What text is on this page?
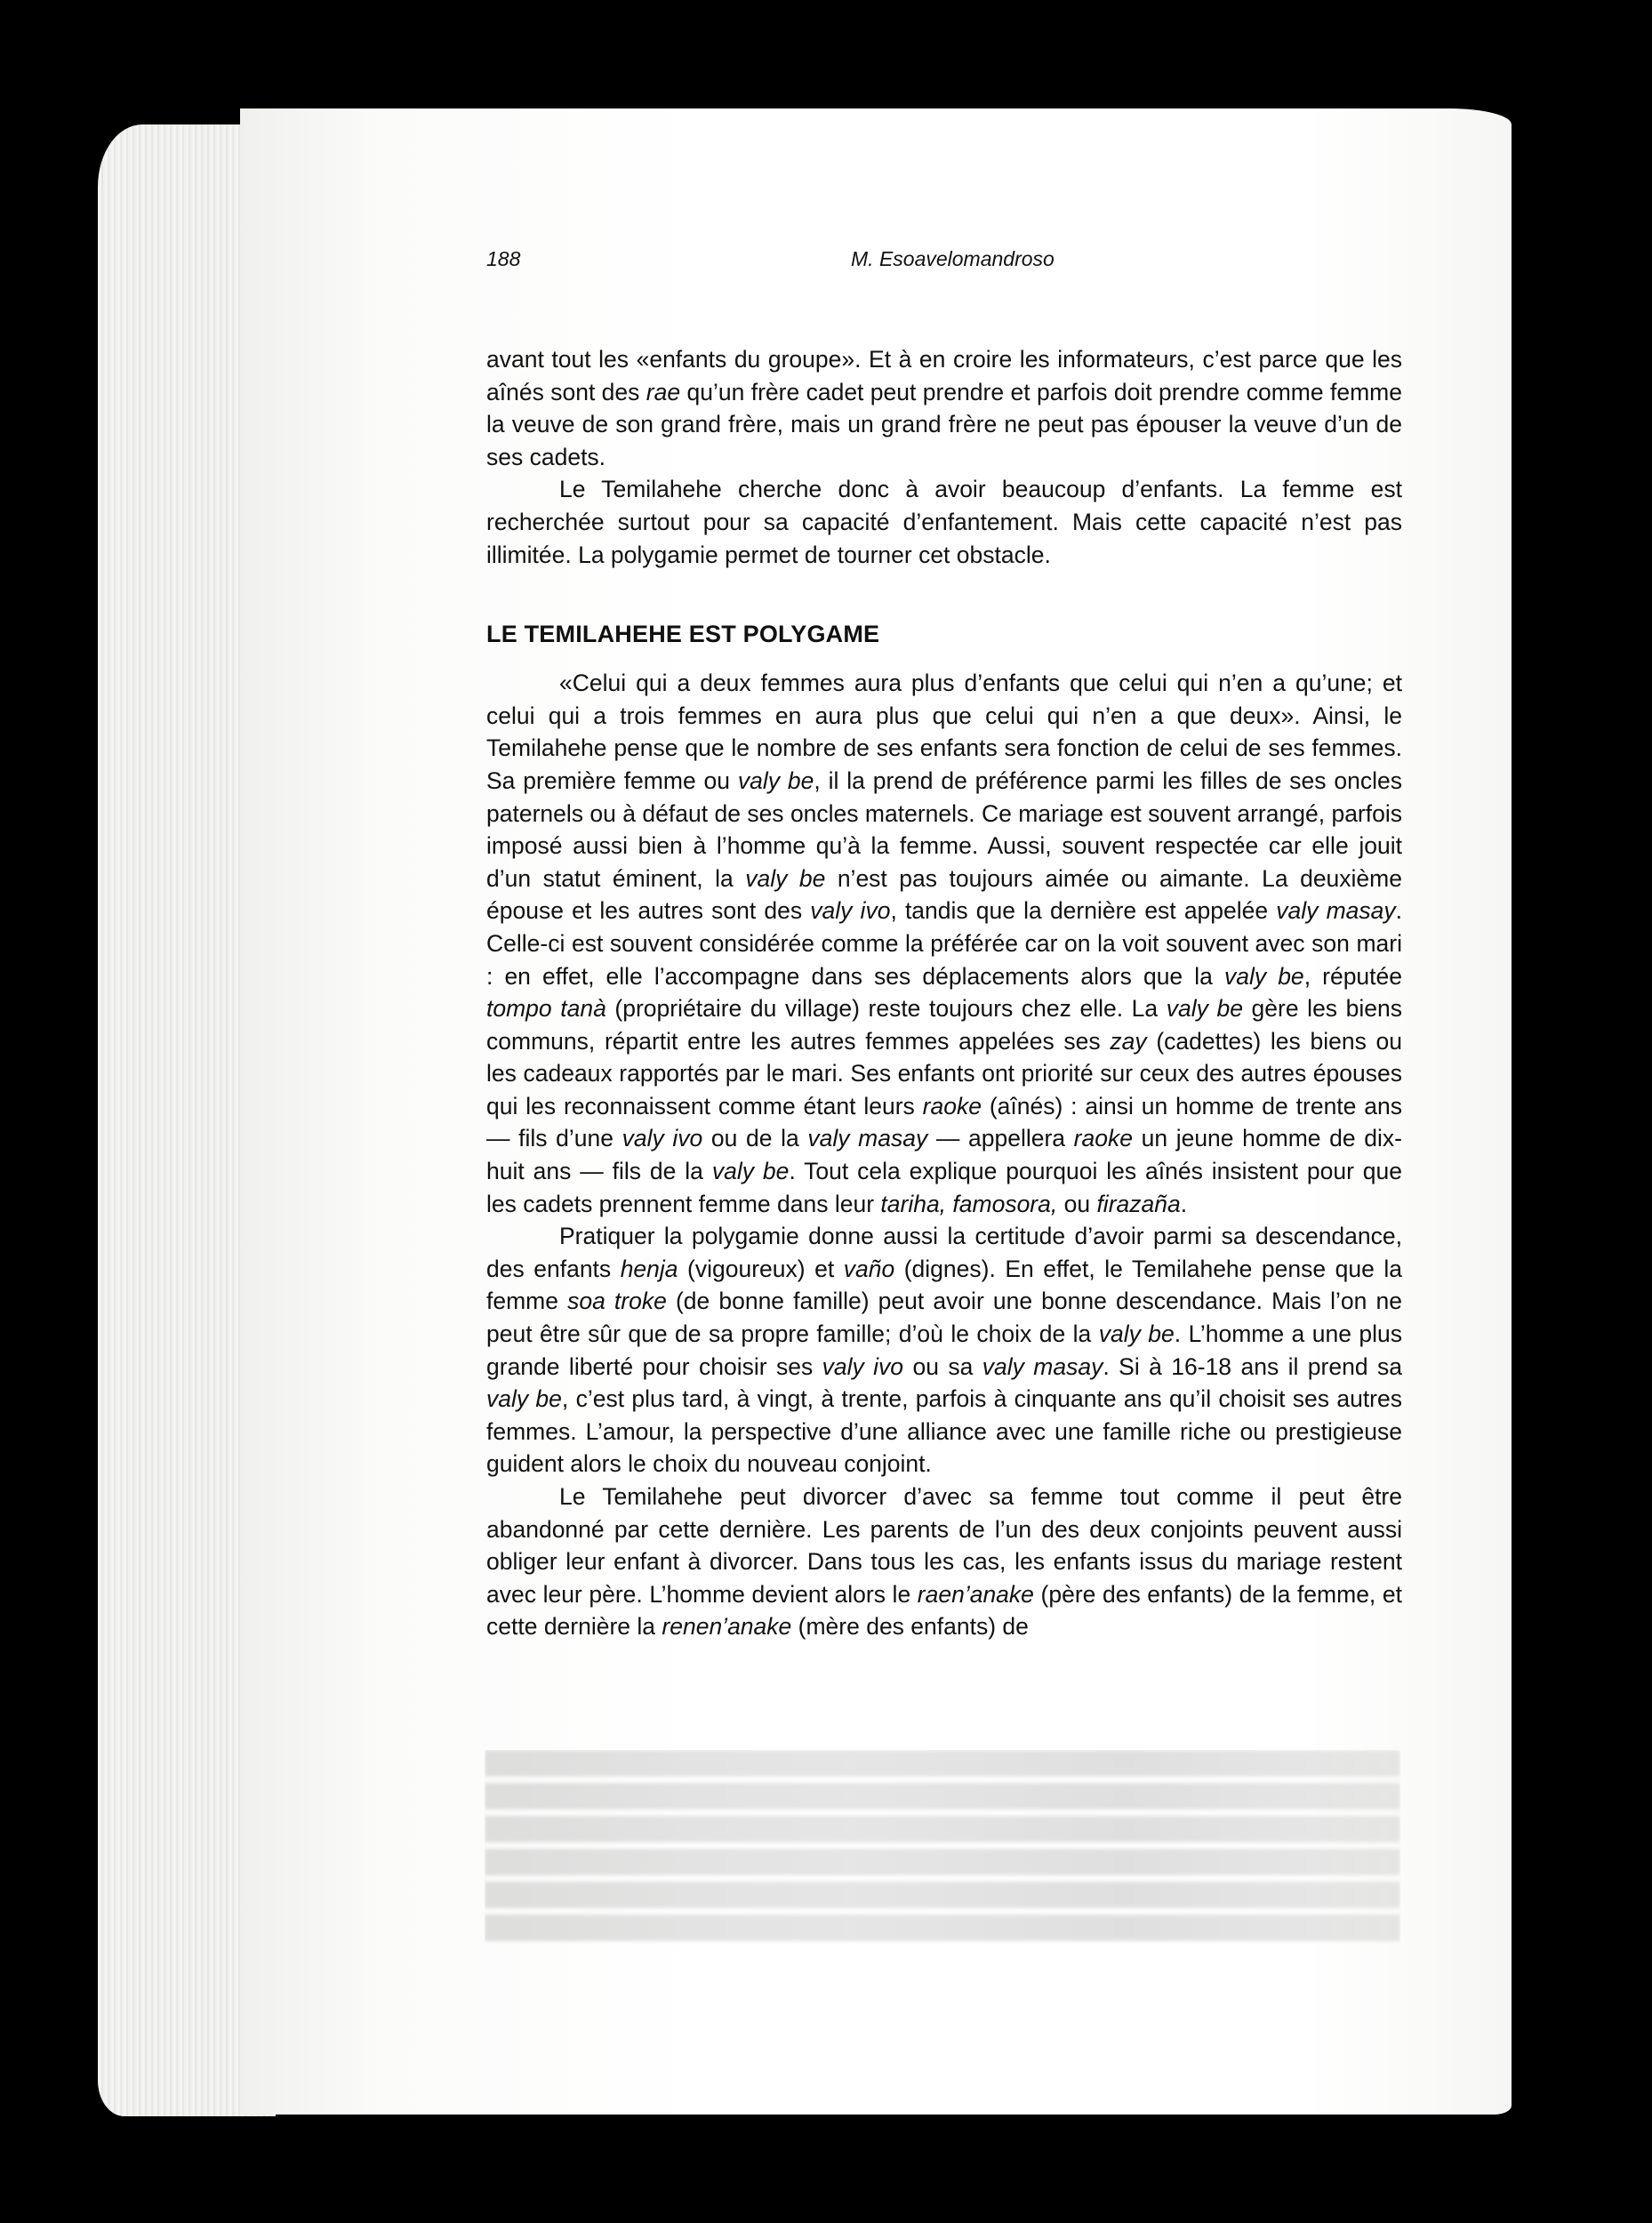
188	M. Esoavelomandroso

avant tout les «enfants du groupe». Et à en croire les informateurs, c’est parce que les aînés sont des rae qu’un frère cadet peut prendre et parfois doit prendre comme femme la veuve de son grand frère, mais un grand frère ne peut pas épouser la veuve d’un de ses cadets.

Le Temilahehe cherche donc à avoir beaucoup d’enfants. La femme est recherchée surtout pour sa capacité d’enfantement. Mais cette capacité n’est pas illimitée. La polygamie permet de tourner cet obstacle.

LE TEMILAHEHE EST POLYGAME

«Celui qui a deux femmes aura plus d’enfants que celui qui n’en a qu’une; et celui qui a trois femmes en aura plus que celui qui n’en a que deux». Ainsi, le Temilahehe pense que le nombre de ses enfants sera fonction de celui de ses femmes. Sa première femme ou valy be, il la prend de préférence parmi les filles de ses oncles paternels ou à défaut de ses oncles maternels. Ce mariage est souvent arrangé, parfois imposé aussi bien à l’homme qu’à la femme. Aussi, souvent respectée car elle jouit d’un statut éminent, la valy be n’est pas toujours aimée ou aimante. La deuxième épouse et les autres sont des valy ivo, tandis que la dernière est appelée valy masay. Celle-ci est souvent considérée comme la préférée car on la voit souvent avec son mari : en effet, elle l’accompagne dans ses déplacements alors que la valy be, réputée tompo tanà (propriétaire du village) reste toujours chez elle. La valy be gère les biens communs, répartit entre les autres femmes appelées ses zay (cadettes) les biens ou les cadeaux rapportés par le mari. Ses enfants ont priorité sur ceux des autres épouses qui les reconnaissent comme étant leurs raoke (aînés) : ainsi un homme de trente ans — fils d’une valy ivo ou de la valy masay — appellera raoke un jeune homme de dix-huit ans — fils de la valy be. Tout cela explique pourquoi les aînés insistent pour que les cadets prennent femme dans leur tariha, famosora, ou firazaña.

Pratiquer la polygamie donne aussi la certitude d’avoir parmi sa descendance, des enfants henja (vigoureux) et vaño (dignes). En effet, le Temilahehe pense que la femme soa troke (de bonne famille) peut avoir une bonne descendance. Mais l’on ne peut être sûr que de sa propre famille; d’où le choix de la valy be. L’homme a une plus grande liberté pour choisir ses valy ivo ou sa valy masay. Si à 16-18 ans il prend sa valy be, c’est plus tard, à vingt, à trente, parfois à cinquante ans qu’il choisit ses autres femmes. L’amour, la perspective d’une alliance avec une famille riche ou prestigieuse guident alors le choix du nouveau conjoint.

Le Temilahehe peut divorcer d’avec sa femme tout comme il peut être abandonné par cette dernière. Les parents de l’un des deux conjoints peuvent aussi obliger leur enfant à divorcer. Dans tous les cas, les enfants issus du mariage restent avec leur père. L’homme devient alors le raen’anake (père des enfants) de la femme, et cette dernière la renen’anake (mère des enfants) de
